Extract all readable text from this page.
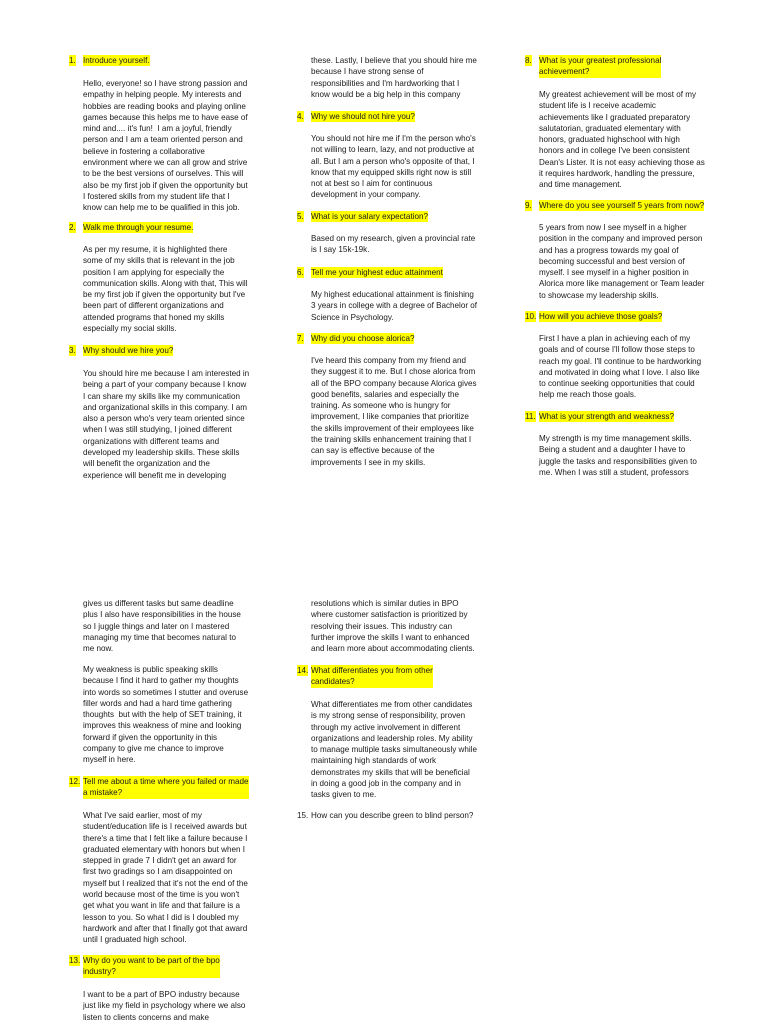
1.

Introduce yourself.

Hello, everyone! so I have strong passion and
empathy in helping people. My interests and
hobbies are reading books and playing online
games because this helps me to have ease of
mind and.... it's fun!  I am a joyful, friendly
person and I am a team oriented person and
believe in fostering a collaborative
environment where we can all grow and strive
to be the best versions of ourselves. This will
also be my first job if given the opportunity but
I fostered skills from my student life that I
know can help me to be qualified in this job.

2.

Walk me through your resume.

As per my resume, it is highlighted there
some of my skills that is relevant in the job
position I am applying for especially the
communication skills. Along with that, This will
be my first job if given the opportunity but I've
been part of different organizations and
attended programs that honed my skills
especially my social skills.

3.

Why should we hire you?

You should hire me because I am interested in
being a part of your company because I know
I can share my skills like my communication
and organizational skills in this company. I am
also a person who's very team oriented since
when I was still studying, I joined different
organizations with different teams and
developed my leadership skills. These skills
will benefit the organization and the
experience will benefit me in developing

these. Lastly, I believe that you should hire me
because I have strong sense of
responsibilities and I'm hardworking that I
know would be a big help in this company

4.

Why we should not hire you?

You should not hire me if I'm the person who's
not willing to learn, lazy, and not productive at
all. But I am a person who's opposite of that, I
know that my equipped skills right now is still
not at best so I aim for continuous
development in your company.

5.

What is your salary expectation?

Based on my research, given a provincial rate
is I say 15k-19k.

6.

Tell me your highest educ attainment

My highest educational attainment is finishing
3 years in college with a degree of Bachelor of
Science in Psychology.

7.

Why did you choose alorica?

I've heard this company from my friend and
they suggest it to me. But I chose alorica from
all of the BPO company because Alorica gives
good benefits, salaries and especially the
training. As someone who is hungry for
improvement, I like companies that prioritize
the skills improvement of their employees like
the training skills enhancement training that I
can say is effective because of the
improvements I see in my skills.

8.

What is your greatest professional
achievement?

My greatest achievement will be most of my
student life is I receive academic
achievements like I graduated preparatory
salutatorian, graduated elementary with
honors, graduated highschool with high
honors and in college I've been consistent
Dean's Lister. It is not easy achieving those as
it requires hardwork, handling the pressure,
and time management.

9.

Where do you see yourself 5 years from now?

5 years from now I see myself in a higher
position in the company and improved person
and has a progress towards my goal of
becoming successful and best version of
myself. I see myself in a higher position in
Alorica more like management or Team leader
to showcase my leadership skills.

10.

How will you achieve those goals?

First I have a plan in achieving each of my
goals and of course I'll follow those steps to
reach my goal. I'll continue to be hardworking
and motivated in doing what I love. I also like
to continue seeking opportunities that could
help me reach those goals.

11.

What is your strength and weakness?

My strength is my time management skills.
Being a student and a daughter I have to
juggle the tasks and responsibilities given to
me. When I was still a student, professors

gives us different tasks but same deadline
plus I also have responsibilities in the house
so I juggle things and later on I mastered
managing my time that becomes natural to
me now.

My weakness is public speaking skills
because I find it hard to gather my thoughts
into words so sometimes I stutter and overuse
filler words and had a hard time gathering
thoughts  but with the help of SET training, it
improves this weakness of mine and looking
forward if given the opportunity in this
company to give me chance to improve
myself in here.

12.

Tell me about a time where you failed or made
a mistake?

What I've said earlier, most of my
student/education life is I received awards but
there's a time that I felt like a failure because I
graduated elementary with honors but when I
stepped in grade 7 I didn't get an award for
first two gradings so I am disappointed on
myself but I realized that it's not the end of the
world because most of the time is you won't
get what you want in life and that failure is a
lesson to you. So what I did is I doubled my
hardwork and after that I finally got that award
until I graduated high school.

13.

Why do you want to be part of the bpo
industry?

I want to be a part of BPO industry because
just like my field in psychology where we also
listen to clients concerns and make

resolutions which is similar duties in BPO
where customer satisfaction is prioritized by
resolving their issues. This industry can
further improve the skills I want to enhanced
and learn more about accommodating clients.

14.

What differentiates you from other
candidates?

What differentiates me from other candidates
is my strong sense of responsibility, proven
through my active involvement in different
organizations and leadership roles. My ability
to manage multiple tasks simultaneously while
maintaining high standards of work
demonstrates my skills that will be beneficial
in doing a good job in the company and in
tasks given to me.

15.

How can you describe green to blind person?
